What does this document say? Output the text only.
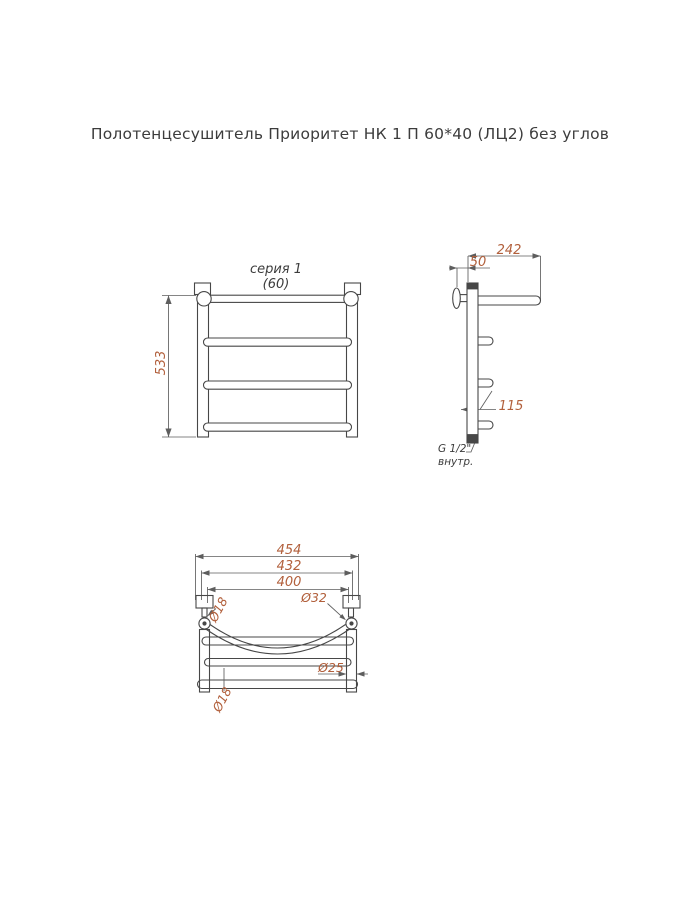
Полотенцесушитель Приоритет НК 1 П 60*40 (ЛЦ2) без углов
серия 1
(60)
533
242
50
115
G 1/2"
внутр.
454
432
400
Ø18	Ø32
Ø25
Ø18
